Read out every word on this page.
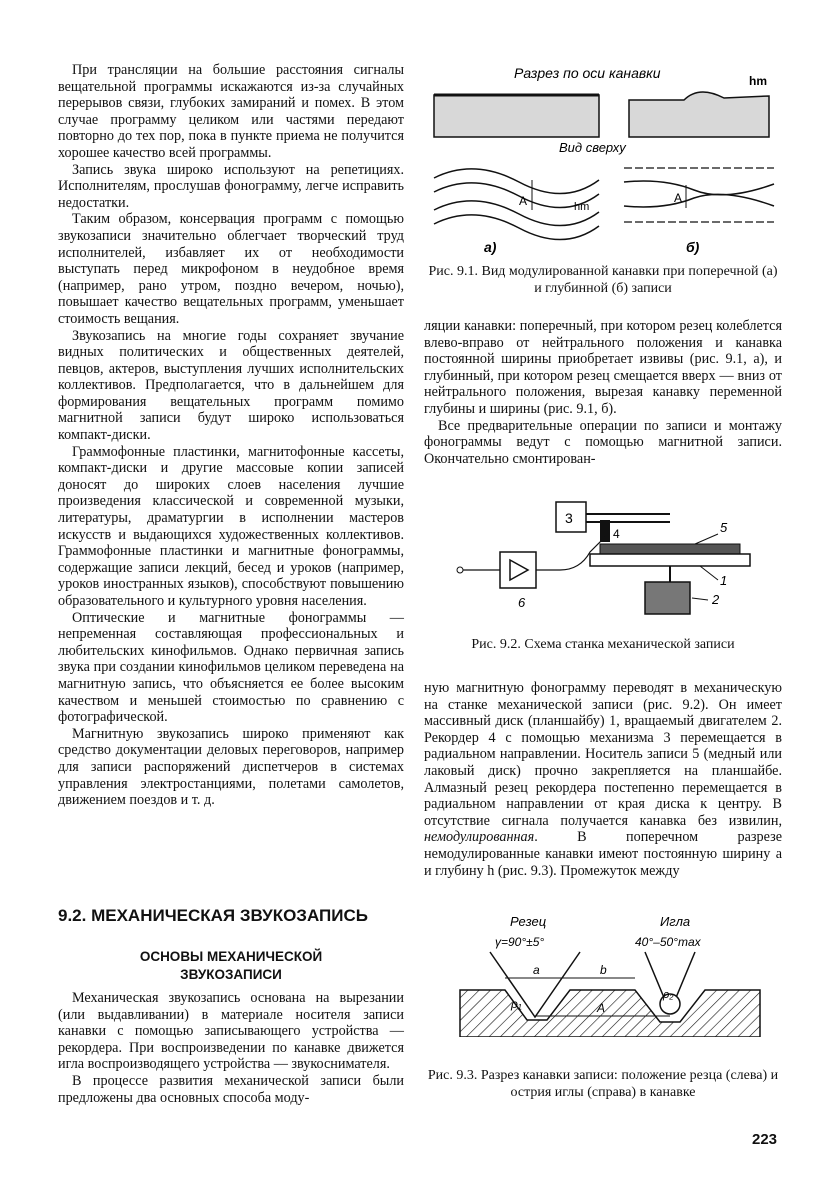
При трансляции на большие расстояния сигналы вещательной программы искажаются из-за случайных перерывов связи, глубоких замираний и помех. В этом случае программу целиком или частями передают повторно до тех пор, пока в пункте приема не получится хорошее качество всей программы.

Запись звука широко используют на репетициях. Исполнителям, прослушав фонограмму, легче исправить недостатки.

Таким образом, консервация программ с помощью звукозаписи значительно облегчает творческий труд исполнителей, избавляет их от необходимости выступать перед микрофоном в неудобное время (например, рано утром, поздно вечером, ночью), повышает качество вещательных программ, уменьшает стоимость вещания.

Звукозапись на многие годы сохраняет звучание видных политических и общественных деятелей, певцов, актеров, выступления лучших исполнительских коллективов. Предполагается, что в дальнейшем для формирования вещательных программ помимо магнитной записи будут широко использоваться компакт-диски.

Граммофонные пластинки, магнитофонные кассеты, компакт-диски и другие массовые копии записей доносят до широких слоев населения лучшие произведения классической и современной музыки, литературы, драматургии в исполнении мастеров искусств и выдающихся художественных коллективов. Граммофонные пластинки и магнитные фонограммы, содержащие записи лекций, бесед и уроков (например, уроков иностранных языков), способствуют повышению образовательного и культурного уровня населения.

Оптические и магнитные фонограммы — непременная составляющая профессиональных и любительских кинофильмов. Однако первичная запись звука при создании кинофильмов целиком переведена на магнитную запись, что объясняется ее более высоким качеством и меньшей стоимостью по сравнению с фотографической.

Магнитную звукозапись широко применяют как средство документации деловых переговоров, например для записи распоряжений диспетчеров в системах управления электростанциями, полетами самолетов, движением поездов и т. д.

9.2. МЕХАНИЧЕСКАЯ ЗВУКОЗАПИСЬ
ОСНОВЫ МЕХАНИЧЕСКОЙ
ЗВУКОЗАПИСИ

Механическая звукозапись основана на вырезании (или выдавливании) в материале носителя записи канавки с помощью записывающего устройства — рекордера. При воспроизведении по канавке движется игла воспроизводящего устройства — звукоснимателя.

В процессе развития механической записи были предложены два основных способа моду-

Разрез по оси канавки	hm
Вид сверху
A	hm
а)
A
б)
Рис. 9.1. Вид модулированной канавки при поперечной (а) и глубинной (б) записи

ляции канавки: поперечный, при котором резец колеблется влево-вправо от нейтрального положения и канавка постоянной ширины приобретает извивы (рис. 9.1, а), и глубинный, при котором резец смещается вверх — вниз от нейтрального положения, вырезая канавку переменной глубины и ширины (рис. 9.1, б).

Все предварительные операции по записи и монтажу фонограммы ведут с помощью магнитной записи. Окончательно смонтирован-

3
4	5
1
2
6
Рис. 9.2. Схема станка механической записи

ную магнитную фонограмму переводят в механическую на станке механической записи (рис. 9.2). Он имеет массивный диск (планшайбу) 1, вращаемый двигателем 2. Рекордер 4 с помощью механизма 3 перемещается в радиальном направлении. Носитель записи 5 (медный или лаковый диск) прочно закрепляется на планшайбе. Алмазный резец рекордера постепенно перемещается в радиальном направлении от края диска к центру. В отсутствие сигнала получается канавка без извилин, немодулированная. В поперечном разрезе немодулированные канавки имеют постоянную ширину a и глубину h (рис. 9.3). Промежуток между

Резец	Игла
γ=90°±5°	40°–50°max
a	b
A
ρ₁
ρ₂
Рис. 9.3. Разрез канавки записи: положение резца (слева) и острия иглы (справа) в канавке
223
